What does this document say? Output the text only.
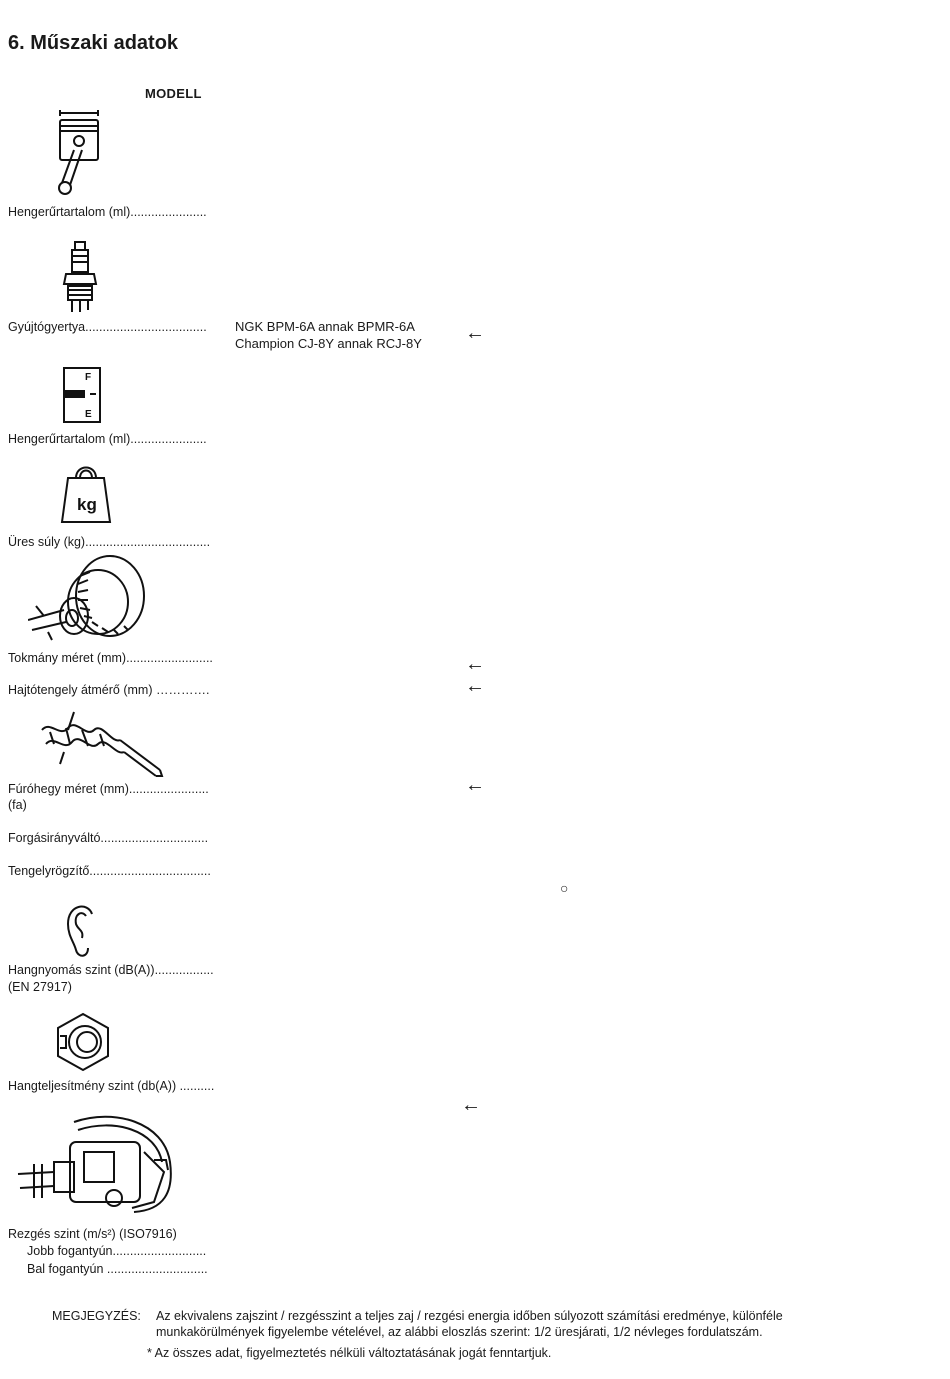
6. Műszaki adatok
MODELL
Hengerűrtartalom (ml)......................
Gyújtógyertya................................... NGK BPM-6A annak BPMR-6A
Champion CJ-8Y annak RCJ-8Y ←
F
E
Hengerűrtartalom (ml)......................
kg
Üres súly (kg)....................................
Tokmány méret (mm).........................	←
Hajtótengely átmérő (mm) ………….	←
Fúróhegy méret (mm).......................
(fa)
←
Forgásirányváltó...............................
Tengelyrögzítő...................................
○
Hangnyomás szint (dB(A)).................
(EN 27917)
Hangteljesítmény szint (db(A)) ..........
←
Rezgés szint (m/s²) (ISO7916)
Jobb fogantyún...........................
Bal fogantyún .............................
MEGJEGYZÉS: Az ekvivalens zajszint / rezgésszint a teljes zaj / rezgési energia időben súlyozott számítási eredménye, különféle
munkakörülmények figyelembe vételével, az alábbi eloszlás szerint: 1/2 üresjárati, 1/2 névleges fordulatszám.
* Az összes adat, figyelmeztetés nélküli változtatásának jogát fenntartjuk.
